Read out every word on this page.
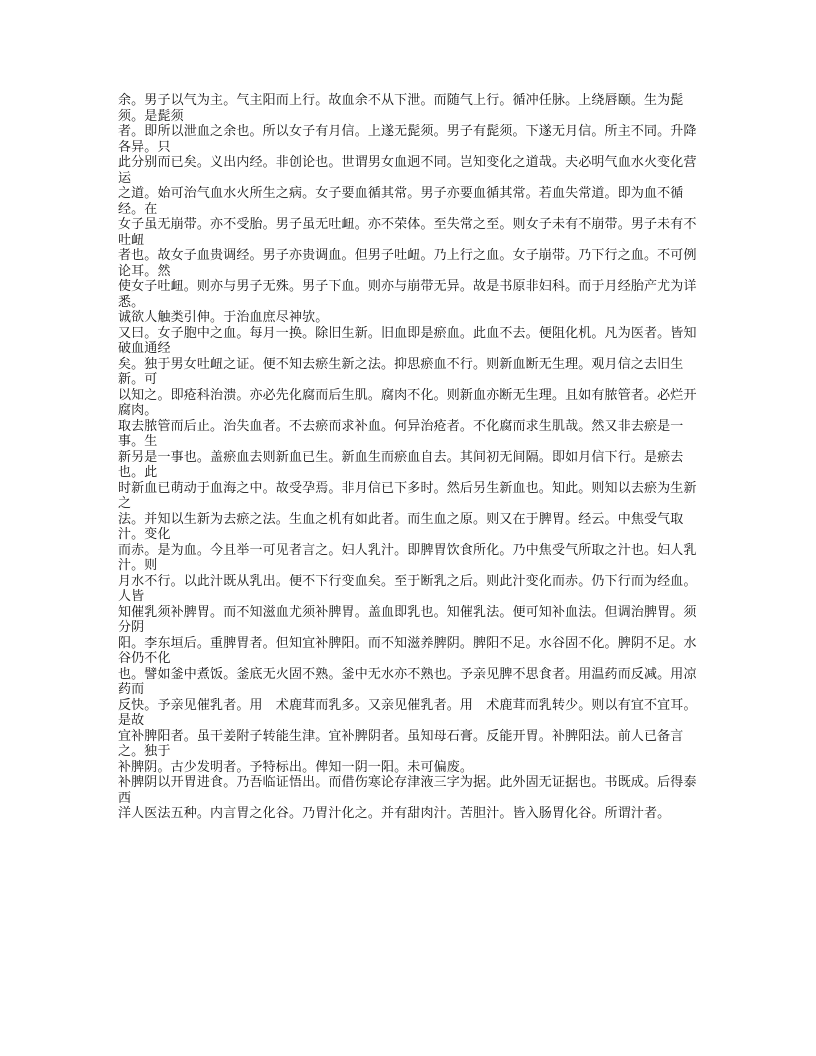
余。男子以气为主。气主阳而上行。故血余不从下泄。而随气上行。循冲任脉。上绕唇颐。生为髭须。是髭须

者。即所以泄血之余也。所以女子有月信。上遂无髭须。男子有髭须。下遂无月信。所主不同。升降各异。只

此分别而已矣。义出内经。非创论也。世谓男女血迥不同。岂知变化之道哉。夫必明气血水火变化营运

之道。始可治气血水火所生之病。女子要血循其常。男子亦要血循其常。若血失常道。即为血不循经。在

女子虽无崩带。亦不受胎。男子虽无吐衄。亦不荣体。至失常之至。则女子未有不崩带。男子未有不吐衄

者也。故女子血贵调经。男子亦贵调血。但男子吐衄。乃上行之血。女子崩带。乃下行之血。不可例论耳。然

使女子吐衄。则亦与男子无殊。男子下血。则亦与崩带无异。故是书原非妇科。而于月经胎产尤为详悉。

诚欲人触类引伸。于治血庶尽神欤。

又曰。女子胞中之血。每月一换。除旧生新。旧血即是瘀血。此血不去。便阻化机。凡为医者。皆知破血通经

矣。独于男女吐衄之证。便不知去瘀生新之法。抑思瘀血不行。则新血断无生理。观月信之去旧生新。可

以知之。即疮科治溃。亦必先化腐而后生肌。腐肉不化。则新血亦断无生理。且如有脓管者。必烂开腐肉。

取去脓管而后止。治失血者。不去瘀而求补血。何异治疮者。不化腐而求生肌哉。然又非去瘀是一事。生

新另是一事也。盖瘀血去则新血已生。新血生而瘀血自去。其间初无间隔。即如月信下行。是瘀去也。此

时新血已萌动于血海之中。故受孕焉。非月信已下多时。然后另生新血也。知此。则知以去瘀为生新之

法。并知以生新为去瘀之法。生血之机有如此者。而生血之原。则又在于脾胃。经云。中焦受气取汁。变化

而赤。是为血。今且举一可见者言之。妇人乳汁。即脾胃饮食所化。乃中焦受气所取之汁也。妇人乳汁。则

月水不行。以此汁既从乳出。便不下行变血矣。至于断乳之后。则此汁变化而赤。仍下行而为经血。人皆

知催乳须补脾胃。而不知滋血尤须补脾胃。盖血即乳也。知催乳法。便可知补血法。但调治脾胃。须分阴

阳。李东垣后。重脾胃者。但知宜补脾阳。而不知滋养脾阴。脾阳不足。水谷固不化。脾阴不足。水谷仍不化

也。譬如釜中煮饭。釜底无火固不熟。釜中无水亦不熟也。予亲见脾不思食者。用温药而反减。用凉药而

反快。予亲见催乳者。用　术鹿茸而乳多。又亲见催乳者。用　术鹿茸而乳转少。则以有宜不宜耳。是故

宜补脾阳者。虽干姜附子转能生津。宜补脾阴者。虽知母石膏。反能开胃。补脾阳法。前人已备言之。独于

补脾阴。古少发明者。予特标出。俾知一阴一阳。未可偏废。

补脾阴以开胃进食。乃吾临证悟出。而借伤寒论存津液三字为据。此外固无证据也。书既成。后得泰西

洋人医法五种。内言胃之化谷。乃胃汁化之。并有甜肉汁。苦胆汁。皆入肠胃化谷。所谓汁者。
